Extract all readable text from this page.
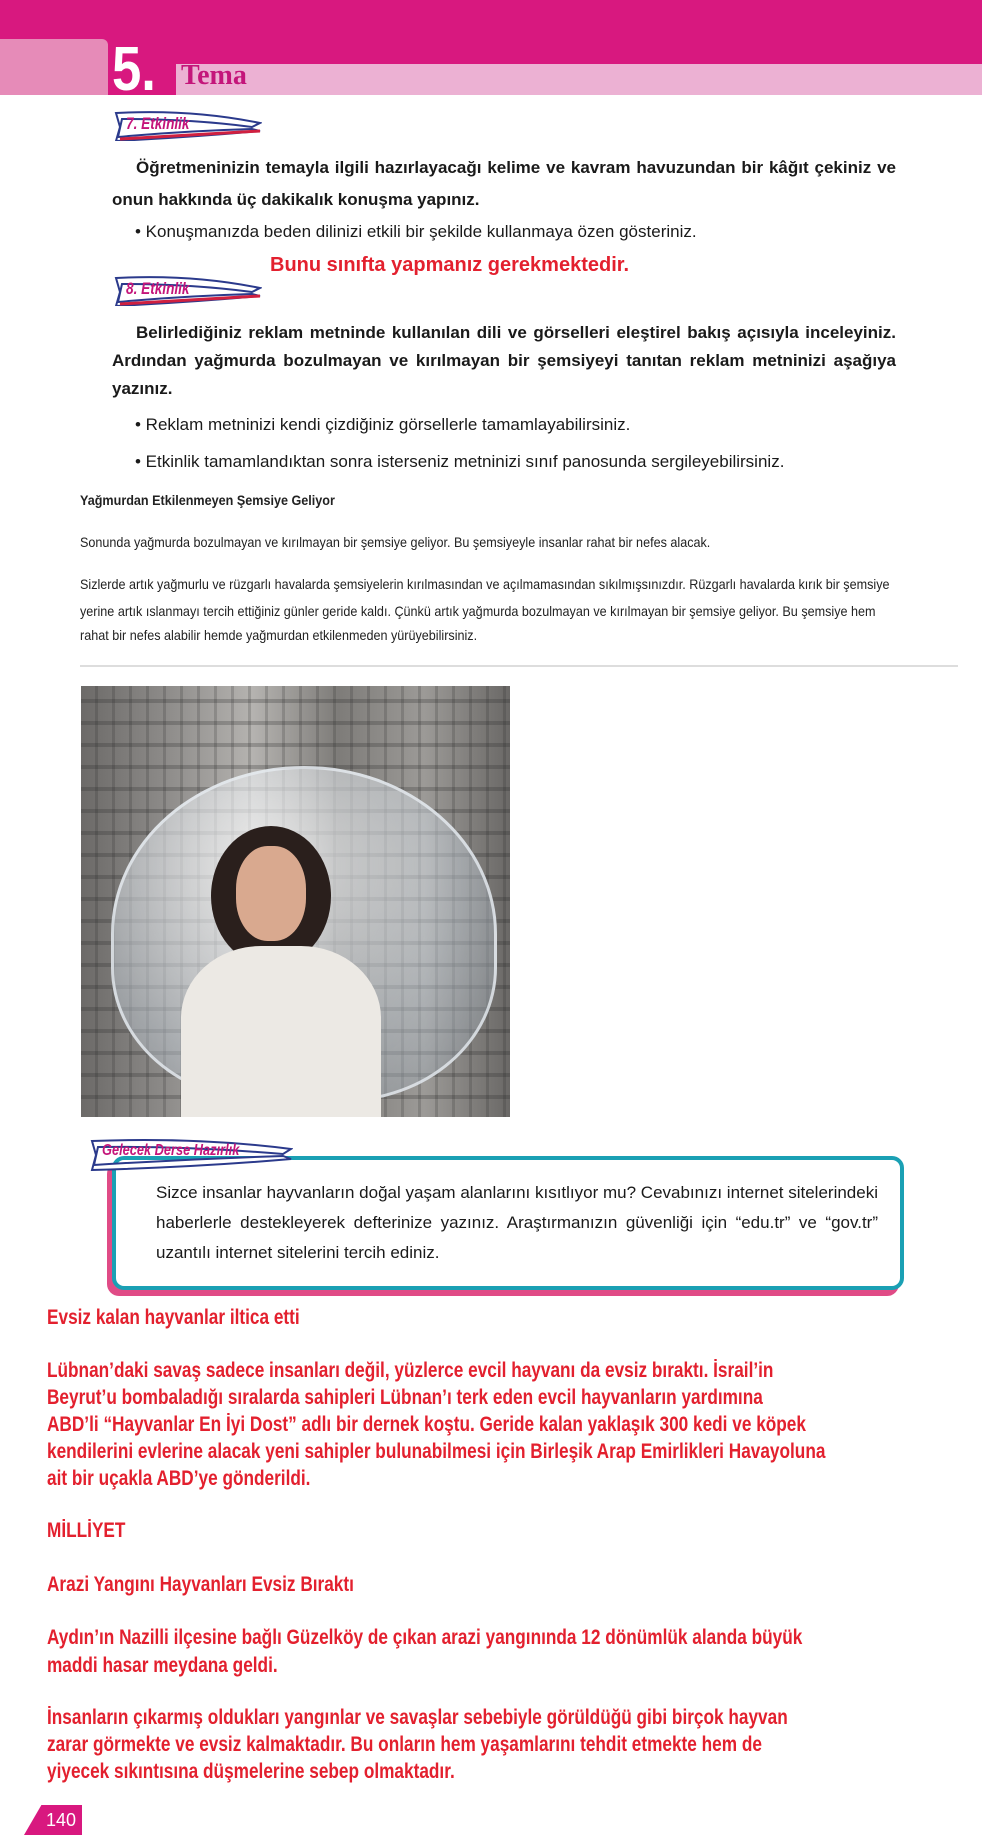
5. Tema
7. Etkinlik
Öğretmeninizin temayla ilgili hazırlayacağı kelime ve kavram havuzundan bir kâğıt çekiniz ve onun hakkında üç dakikalık konuşma yapınız.
• Konuşmanızda beden dilinizi etkili bir şekilde kullanmaya özen gösteriniz.
Bunu sınıfta yapmanız gerekmektedir.
8. Etkinlik
Belirlediğiniz reklam metninde kullanılan dili ve görselleri eleştirel bakış açısıyla inceleyiniz. Ardından yağmurda bozulmayan ve kırılmayan bir şemsiyeyi tanıtan reklam metninizi aşağıya yazınız.
• Reklam metninizi kendi çizdiğiniz görsellerle tamamlayabilirsiniz.
• Etkinlik tamamlandıktan sonra isterseniz metninizi sınıf panosunda sergileyebilirsiniz.
Yağmurdan Etkilenmeyen Şemsiye Geliyor
Sonunda yağmurda bozulmayan ve kırılmayan bir şemsiye geliyor. Bu şemsiyeyle insanlar rahat bir nefes alacak.
Sizlerde artık yağmurlu ve rüzgarlı havalarda şemsiyelerin kırılmasından ve açılmamasından sıkılmışsınızdır. Rüzgarlı havalarda kırık bir şemsiye
yerine artık ıslanmayı tercih ettiğiniz günler geride kaldı. Çünkü artık yağmurda bozulmayan ve kırılmayan bir şemsiye geliyor. Bu şemsiye hem
rahat bir nefes alabilir hemde yağmurdan etkilenmeden yürüyebilirsiniz.
Gelecek Derse Hazırlık
Sizce insanlar hayvanların doğal yaşam alanlarını kısıtlıyor mu? Cevabınızı internet sitelerindeki haberlerle destekleyerek defterinize yazınız. Araştırmanızın güvenliği için “edu.tr” ve “gov.tr” uzantılı internet sitelerini tercih ediniz.
Evsiz kalan hayvanlar iltica etti
Lübnan’daki savaş sadece insanları değil, yüzlerce evcil hayvanı da evsiz bıraktı. İsrail’in
Beyrut’u bombaladığı sıralarda sahipleri Lübnan’ı terk eden evcil hayvanların yardımına
ABD’li “Hayvanlar En İyi Dost” adlı bir dernek koştu. Geride kalan yaklaşık 300 kedi ve köpek
kendilerini evlerine alacak yeni sahipler bulunabilmesi için Birleşik Arap Emirlikleri Havayoluna
ait bir uçakla ABD’ye gönderildi.
MİLLİYET
Arazi Yangını Hayvanları Evsiz Bıraktı
Aydın’ın Nazilli ilçesine bağlı Güzelköy de çıkan arazi yangınında 12 dönümlük alanda büyük
maddi hasar meydana geldi.
İnsanların çıkarmış oldukları yangınlar ve savaşlar sebebiyle görüldüğü gibi birçok hayvan
zarar görmekte ve evsiz kalmaktadır. Bu onların hem yaşamlarını tehdit etmekte hem de
yiyecek sıkıntısına düşmelerine sebep olmaktadır.
140
